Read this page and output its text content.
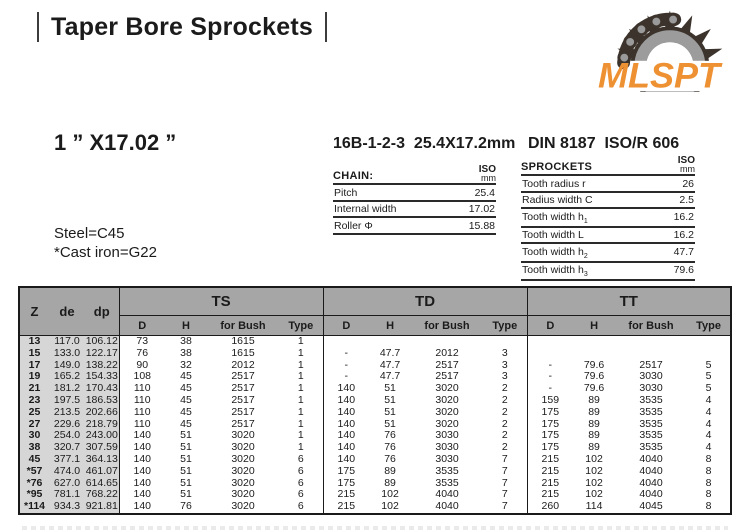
Taper Bore Sprockets
MLSPT
1 ” X17.02 ”	16B-1-2-3  25.4X17.2mm DIN 8187  ISO/R 606
CHAIN:
ISO
mm
Pitch	25.4
Internal width	17.02
Roller Φ	15.88
SPROCKETS
ISO
mm
Tooth radius r	26
Radius width C	2.5
Tooth width $h_1$	16.2
Tooth width L	16.2
Tooth width $h_2$	47.7
Tooth width $h_3$	79.6
Steel=C45
*Cast iron=G22
Z	de	dp	TS				TD				TT			
			D	H	for Bush	Type	D	H	for Bush	Type	D	H	for Bush	Type
13	117.0	106.12	73	38	1615	1								
15	133.0	122.17	76	38	1615	1	-	47.7	2012	3				
17	149.0	138.22	90	32	2012	1	-	47.7	2517	3	-	79.6	2517	5
19	165.2	154.33	108	45	2517	1	-	47.7	2517	3	-	79.6	3030	5
21	181.2	170.43	110	45	2517	1	140	51	3020	2	-	79.6	3030	5
23	197.5	186.53	110	45	2517	1	140	51	3020	2	159	89	3535	4
25	213.5	202.66	110	45	2517	1	140	51	3020	2	175	89	3535	4
27	229.6	218.79	110	45	2517	1	140	51	3020	2	175	89	3535	4
30	254.0	243.00	140	51	3020	1	140	76	3030	2	175	89	3535	4
38	320.7	307.59	140	51	3020	1	140	76	3030	2	175	89	3535	4
45	377.1	364.13	140	51	3020	6	140	76	3030	7	215	102	4040	8
*57	474.0	461.07	140	51	3020	6	175	89	3535	7	215	102	4040	8
*76	627.0	614.65	140	51	3020	6	175	89	3535	7	215	102	4040	8
*95	781.1	768.22	140	51	3020	6	215	102	4040	7	215	102	4040	8
*114	934.3	921.81	140	76	3020	6	215	102	4040	7	260	114	4045	8
